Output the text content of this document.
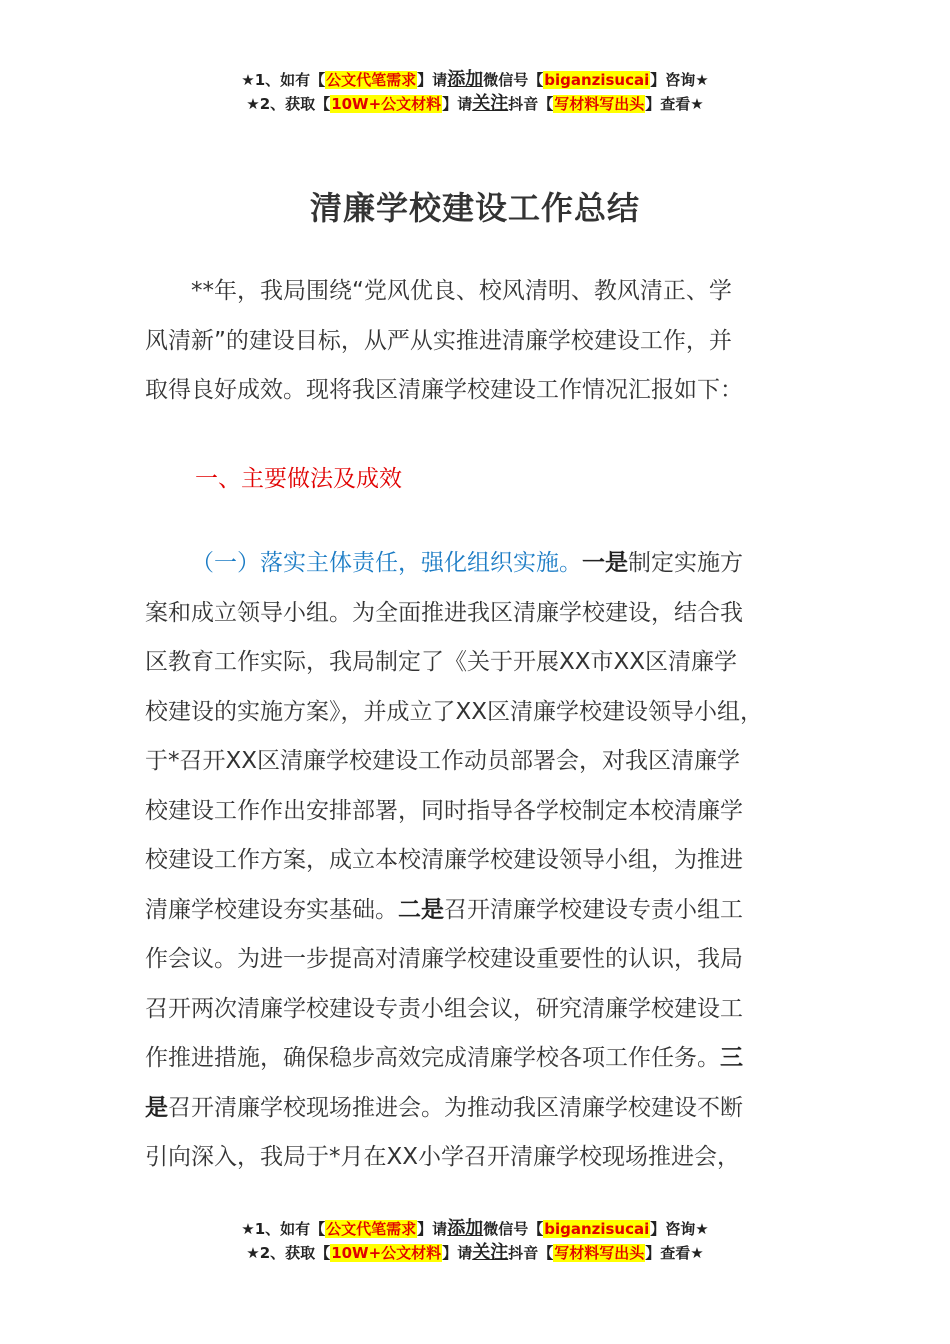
★1、如有【公文代笔需求】请添加微信号【biganzisucai】咨询★
★2、获取【10W+公文材料】请关注抖音【写材料写出头】查看★
清廉学校建设工作总结
　　**年，我局围绕“党风优良、校风清明、教风清正、学
风清新”的建设目标，从严从实推进清廉学校建设工作，并
取得良好成效。现将我区清廉学校建设工作情况汇报如下：
一、主要做法及成效
（一）落实主体责任，强化组织实施。一是制定实施方
案和成立领导小组。为全面推进我区清廉学校建设，结合我
区教育工作实际，我局制定了《关于开展XX市XX区清廉学
校建设的实施方案》，并成立了XX区清廉学校建设领导小组，
于*召开XX区清廉学校建设工作动员部署会，对我区清廉学
校建设工作作出安排部署，同时指导各学校制定本校清廉学
校建设工作方案，成立本校清廉学校建设领导小组，为推进
清廉学校建设夯实基础。二是召开清廉学校建设专责小组工
作会议。为进一步提高对清廉学校建设重要性的认识，我局
召开两次清廉学校建设专责小组会议，研究清廉学校建设工
作推进措施，确保稳步高效完成清廉学校各项工作任务。三
是召开清廉学校现场推进会。为推动我区清廉学校建设不断
引向深入，我局于*月在XX小学召开清廉学校现场推进会，
★1、如有【公文代笔需求】请添加微信号【biganzisucai】咨询★
★2、获取【10W+公文材料】请关注抖音【写材料写出头】查看★
